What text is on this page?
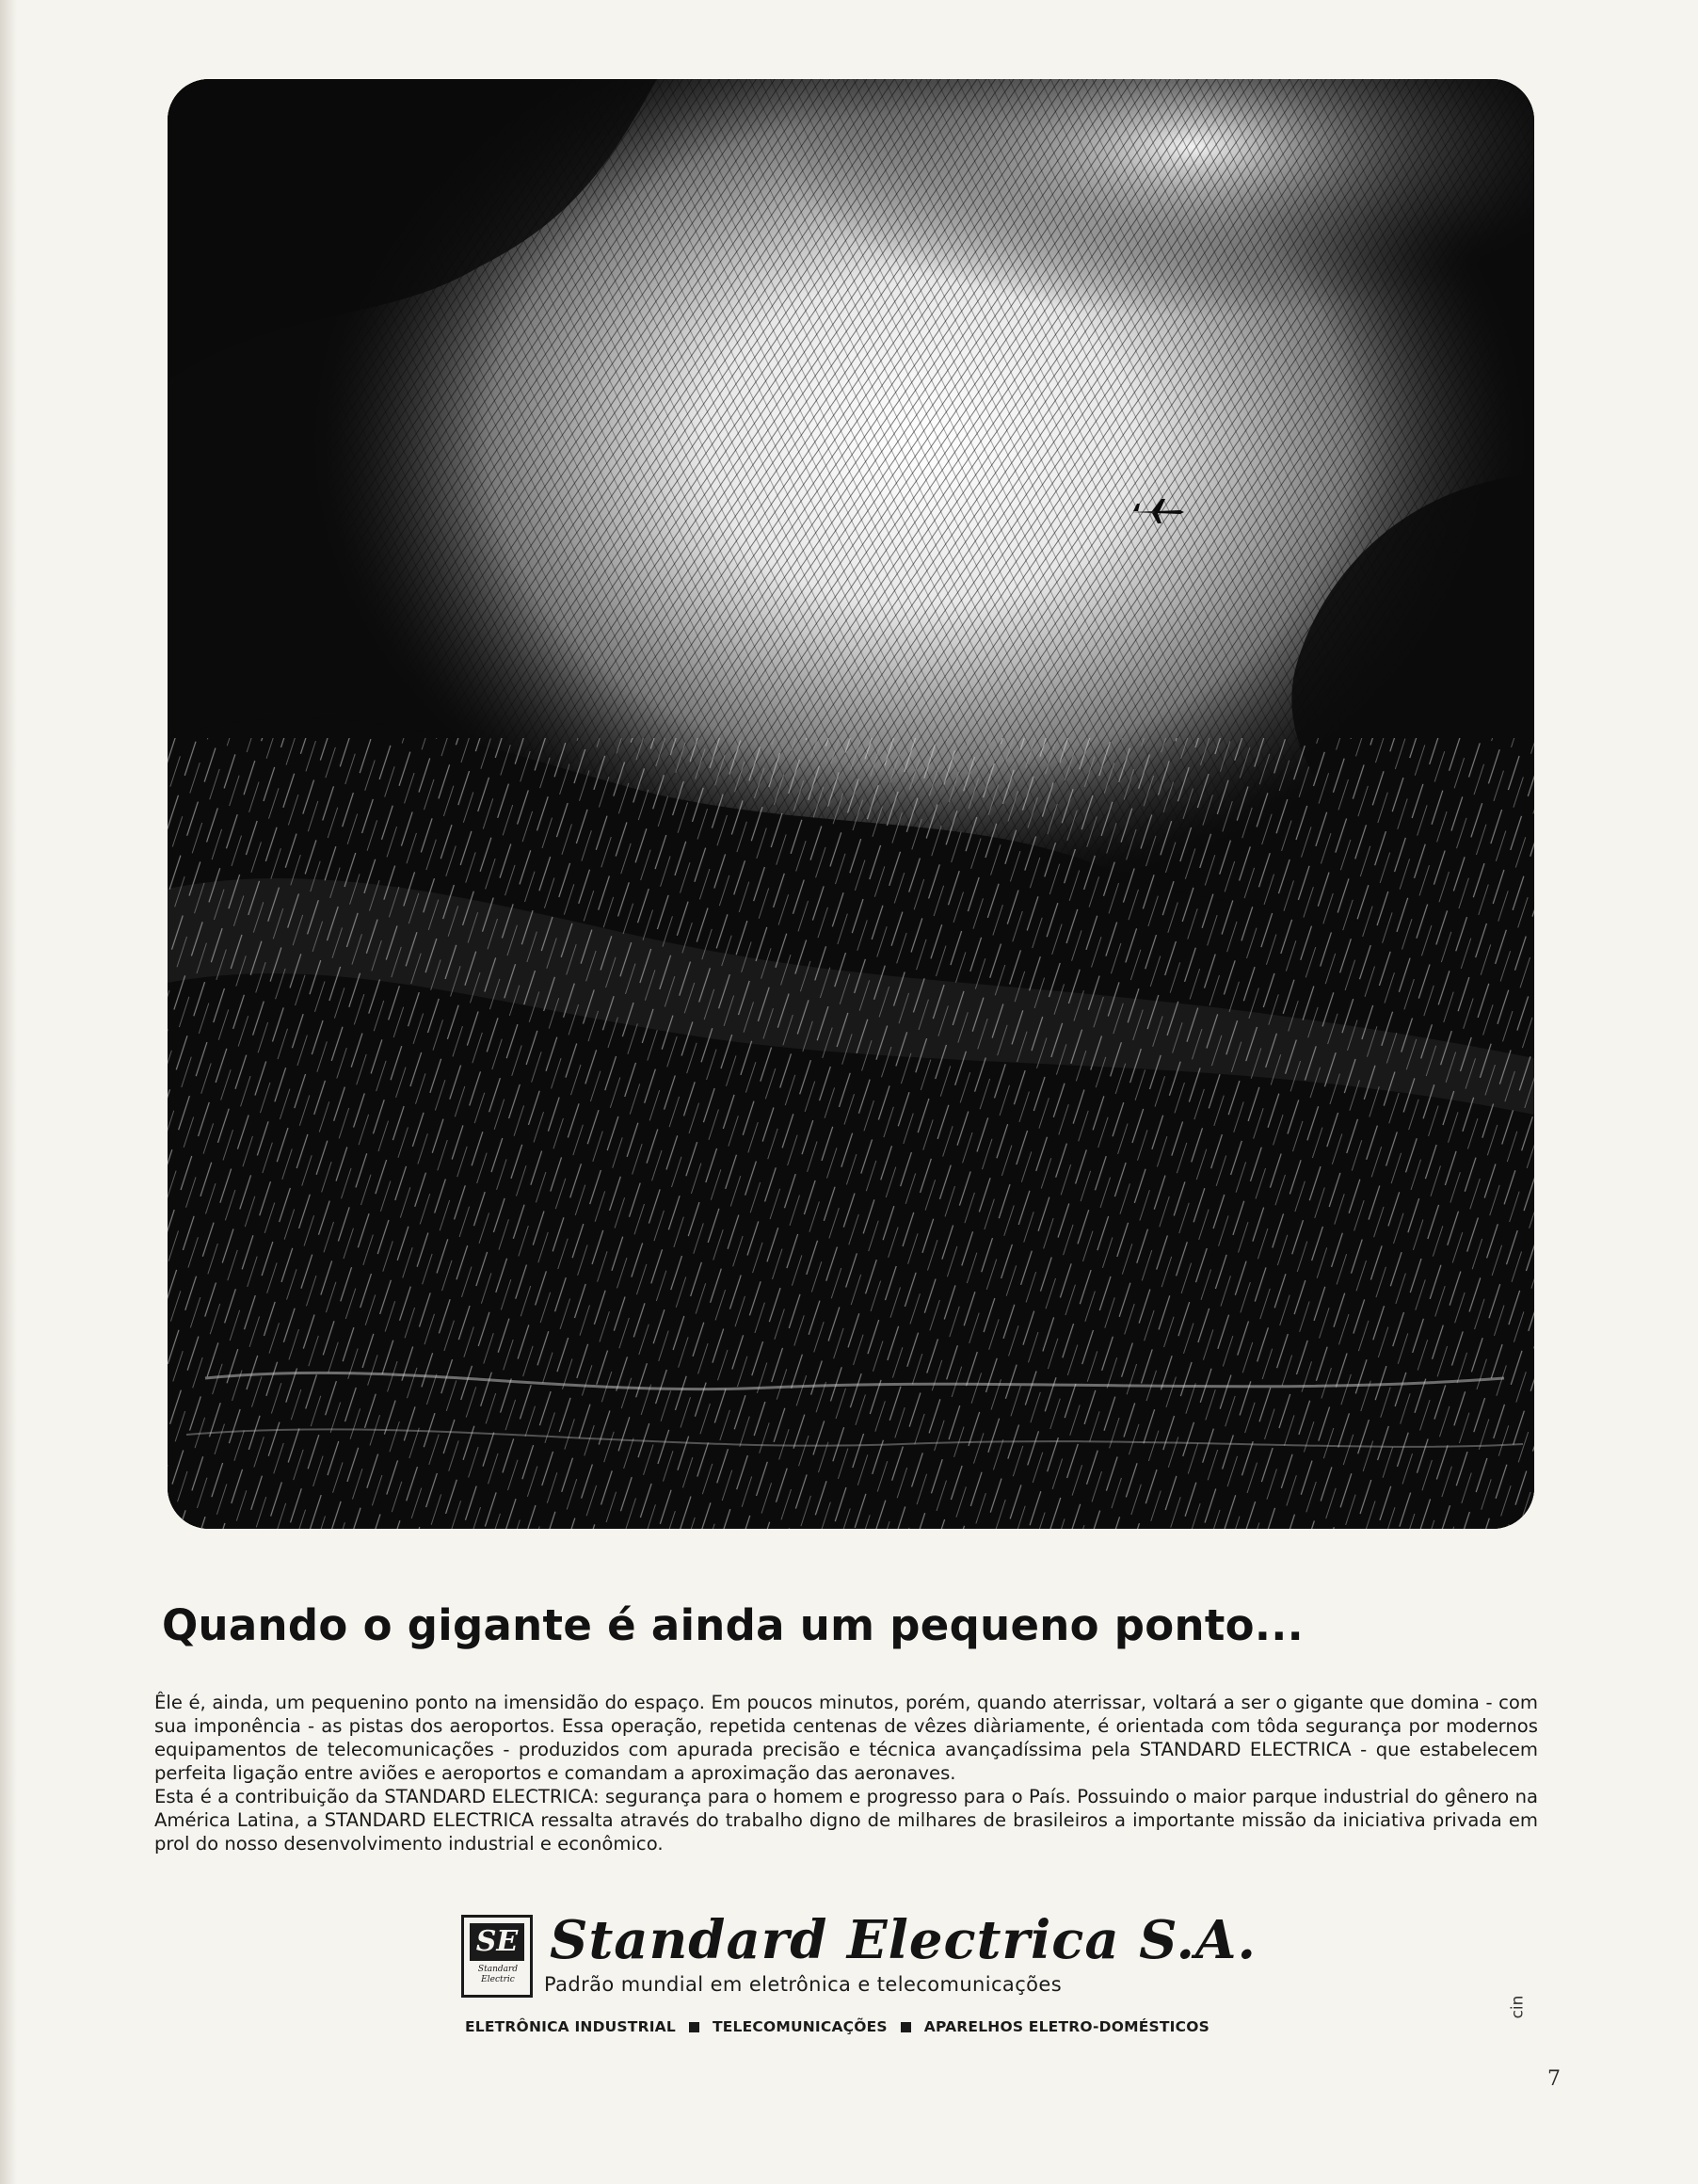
Quando o gigante é ainda um pequeno ponto...

Êle é, ainda, um pequenino ponto na imensidão do espaço. Em poucos minutos, porém, quando aterrissar, voltará a ser o gigante que domina - com sua imponência - as pistas dos aeroportos. Essa operação, repetida centenas de vêzes diàriamente, é orientada com tôda segurança por modernos equipamentos de telecomunicações - produzidos com apurada precisão e técnica avançadíssima pela STANDARD ELECTRICA - que estabelecem perfeita ligação entre aviões e aeroportos e comandam a aproximação das aeronaves.

Esta é a contribuição da STANDARD ELECTRICA: segurança para o homem e progresso para o País. Possuindo o maior parque industrial do gênero na América Latina, a STANDARD ELECTRICA ressalta através do trabalho digno de milhares de brasileiros a importante missão da iniciativa privada em prol do nosso desenvolvimento industrial e econômico.

SE
Standard
Electric
Standard Electrica S.A.
Padrão mundial em eletrônica e telecomunicações
ELETRÔNICA INDUSTRIAL	TELECOMUNICAÇÕES	APARELHOS ELETRO-DOMÉSTICOS
cin
7
